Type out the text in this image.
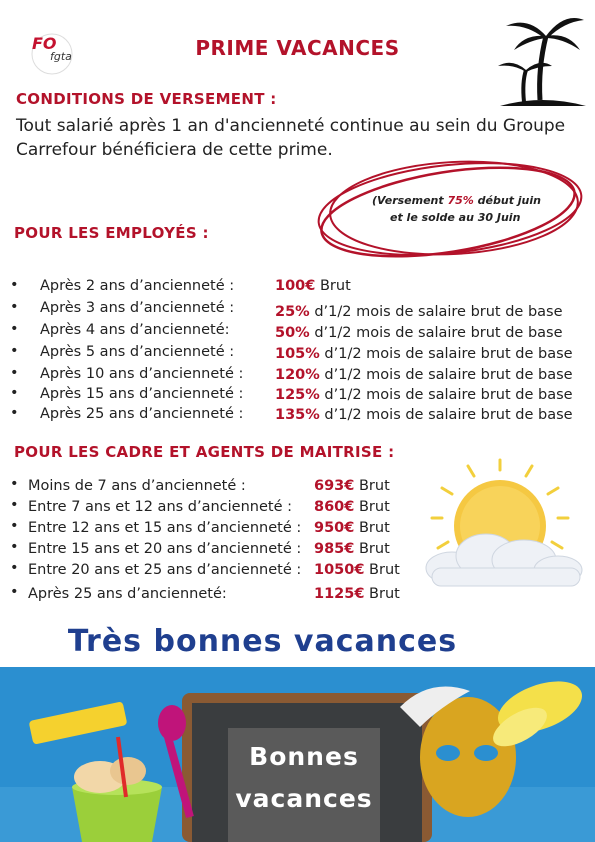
FO
fgta	PRIME VACANCES
CONDITIONS DE VERSEMENT :
Tout salarié après 1 an d'ancienneté continue au sein du Groupe Carrefour bénéficiera de cette prime.
(Versement 75% début juin
et le solde au 30 Juin
POUR LES EMPLOYÉS :
• Après 2 ans d’ancienneté :	100€ Brut
• Après 3 ans d’ancienneté :	25% d’1/2 mois de salaire brut de base
• Après 4 ans d’ancienneté:	50% d’1/2 mois de salaire brut de base
• Après 5 ans d’ancienneté :	105% d’1/2 mois de salaire brut de base
• Après 10 ans d’ancienneté : 120% d’1/2 mois de salaire brut de base
• Après 15 ans d’ancienneté : 125% d’1/2 mois de salaire brut de base
• Après 25 ans d’ancienneté : 135% d’1/2 mois de salaire brut de base
POUR LES CADRE ET AGENTS DE MAITRISE :
• Moins de 7 ans d’ancienneté :	693€ Brut
• Entre 7 ans et 12 ans d’ancienneté : 860€ Brut
• Entre 12 ans et 15 ans d’ancienneté : 950€ Brut
• Entre 15 ans et 20 ans d’ancienneté : 985€ Brut
• Entre 20 ans et 25 ans d’ancienneté : 1050€ Brut
• Après 25 ans d’ancienneté:	1125€ Brut
Très bonnes vacances
Bonnes
vacances
